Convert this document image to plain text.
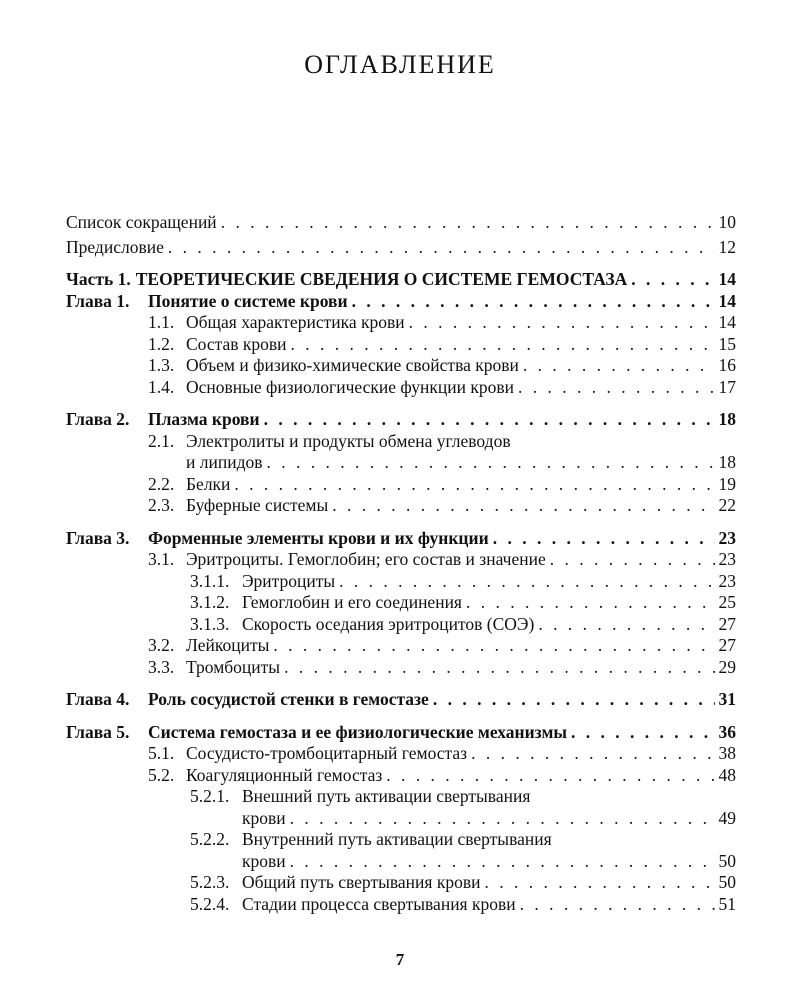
ОГЛАВЛЕНИЕ
Список сокращений . . .	10
Предисловие . . .	12
Часть 1. ТЕОРЕТИЧЕСКИЕ СВЕДЕНИЯ О СИСТЕМЕ ГЕМОСТАЗА . . .	14
Глава 1.	Понятие о системе крови . . .	14
1.1. Общая характеристика крови . . .	14
1.2. Состав крови . . .	15
1.3. Объем и физико-химические свойства крови . . .	16
1.4. Основные физиологические функции крови . . .	17
Глава 2.	Плазма крови . . .	18
2.1. Электролиты и продукты обмена углеводов
и липидов . . .	18
2.2. Белки . . .	19
2.3. Буферные системы . . .	22
Глава 3.	Форменные элементы крови и их функции . . .	23
3.1. Эритроциты. Гемоглобин; его состав и значение . . .	23
3.1.1. Эритроциты . . .	23
3.1.2. Гемоглобин и его соединения . . .	25
3.1.3. Скорость оседания эритроцитов (СОЭ) . . .	27
3.2. Лейкоциты . . .	27
3.3. Тромбоциты . . .	29
Глава 4.	Роль сосудистой стенки в гемостазе . . .	31
Глава 5.	Система гемостаза и ее физиологические механизмы . . .	36
5.1. Сосудисто-тромбоцитарный гемостаз . . .	38
5.2. Коагуляционный гемостаз . . .	48
5.2.1. Внешний путь активации свертывания
крови . . .	49
5.2.2. Внутренний путь активации свертывания
крови . . .	50
5.2.3. Общий путь свертывания крови . . .	50
5.2.4. Стадии процесса свертывания крови . . .	51
7
